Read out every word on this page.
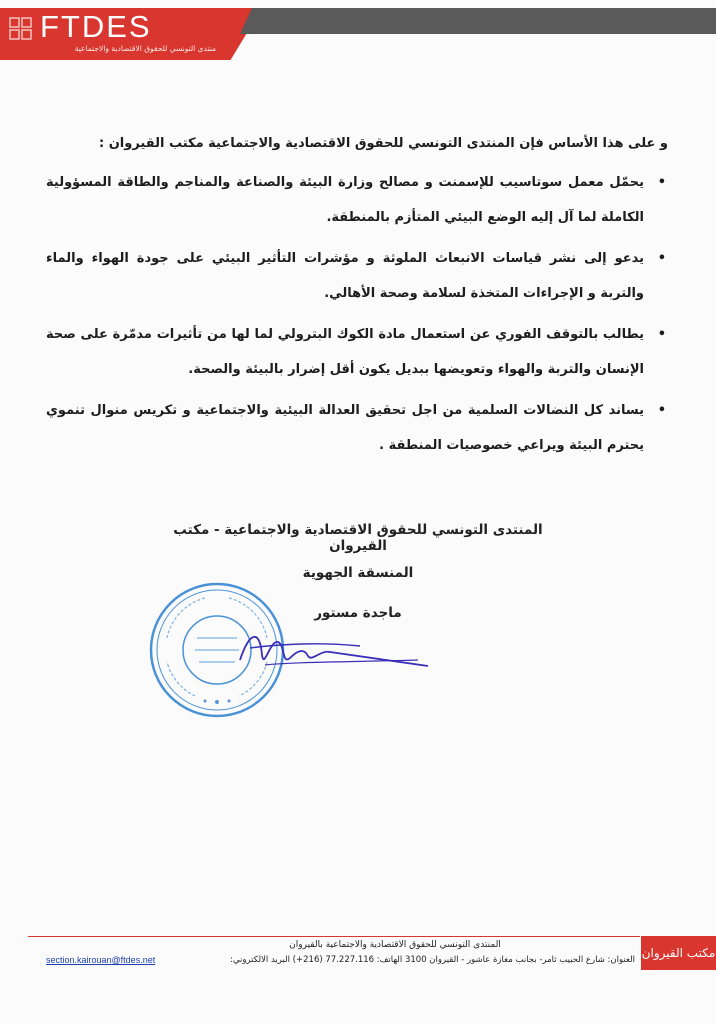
FTDES
منتدى التونسي للحقوق الاقتصادية والاجتماعية

و على هذا الأساس فإن المنتدى التونسي للحقوق الاقتصادية والاجتماعية مكتب القيروان :

•
يحمّل معمل سوتاسيب للإسمنت و مصالح وزارة البيئة والصناعة والمناجم والطاقة المسؤولية الكاملة لما آل إليه الوضع البيئي المتأزم بالمنطقة.
•
يدعو إلى نشر قياسات الانبعاث الملوثة و مؤشرات التأثير البيئي على جودة الهواء والماء والتربة و الإجراءات المتخذة لسلامة وصحة الأهالي.
•
يطالب بالتوقف الفوري عن استعمال مادة الكوك البترولي لما لها من تأثيرات مدمّرة على صحة الإنسان والتربة والهواء وتعويضها ببديل يكون أقل إضرار بالبيئة والصحة.
•
يساند كل النضالات السلمية من اجل تحقيق العدالة البيئية والاجتماعية و تكريس منوال تنموي يحترم البيئة ويراعي خصوصيات المنطقة .
المنتدى التونسي للحقوق الاقتصادية والاجتماعية - مكتب القيروان
المنسقة الجهوية
ماجدة مستور
المنتدى التونسي للحقوق الاقتصادية والاجتماعية بالقيروان
العنوان: شارع الحبيب ثامر- بجانب مغازة عاشور - القيروان 3100 الهاتف: 77.227.116 (216+) البريد الالكتروني:
section.kairouan@ftdes.net	مكتب القيروان
